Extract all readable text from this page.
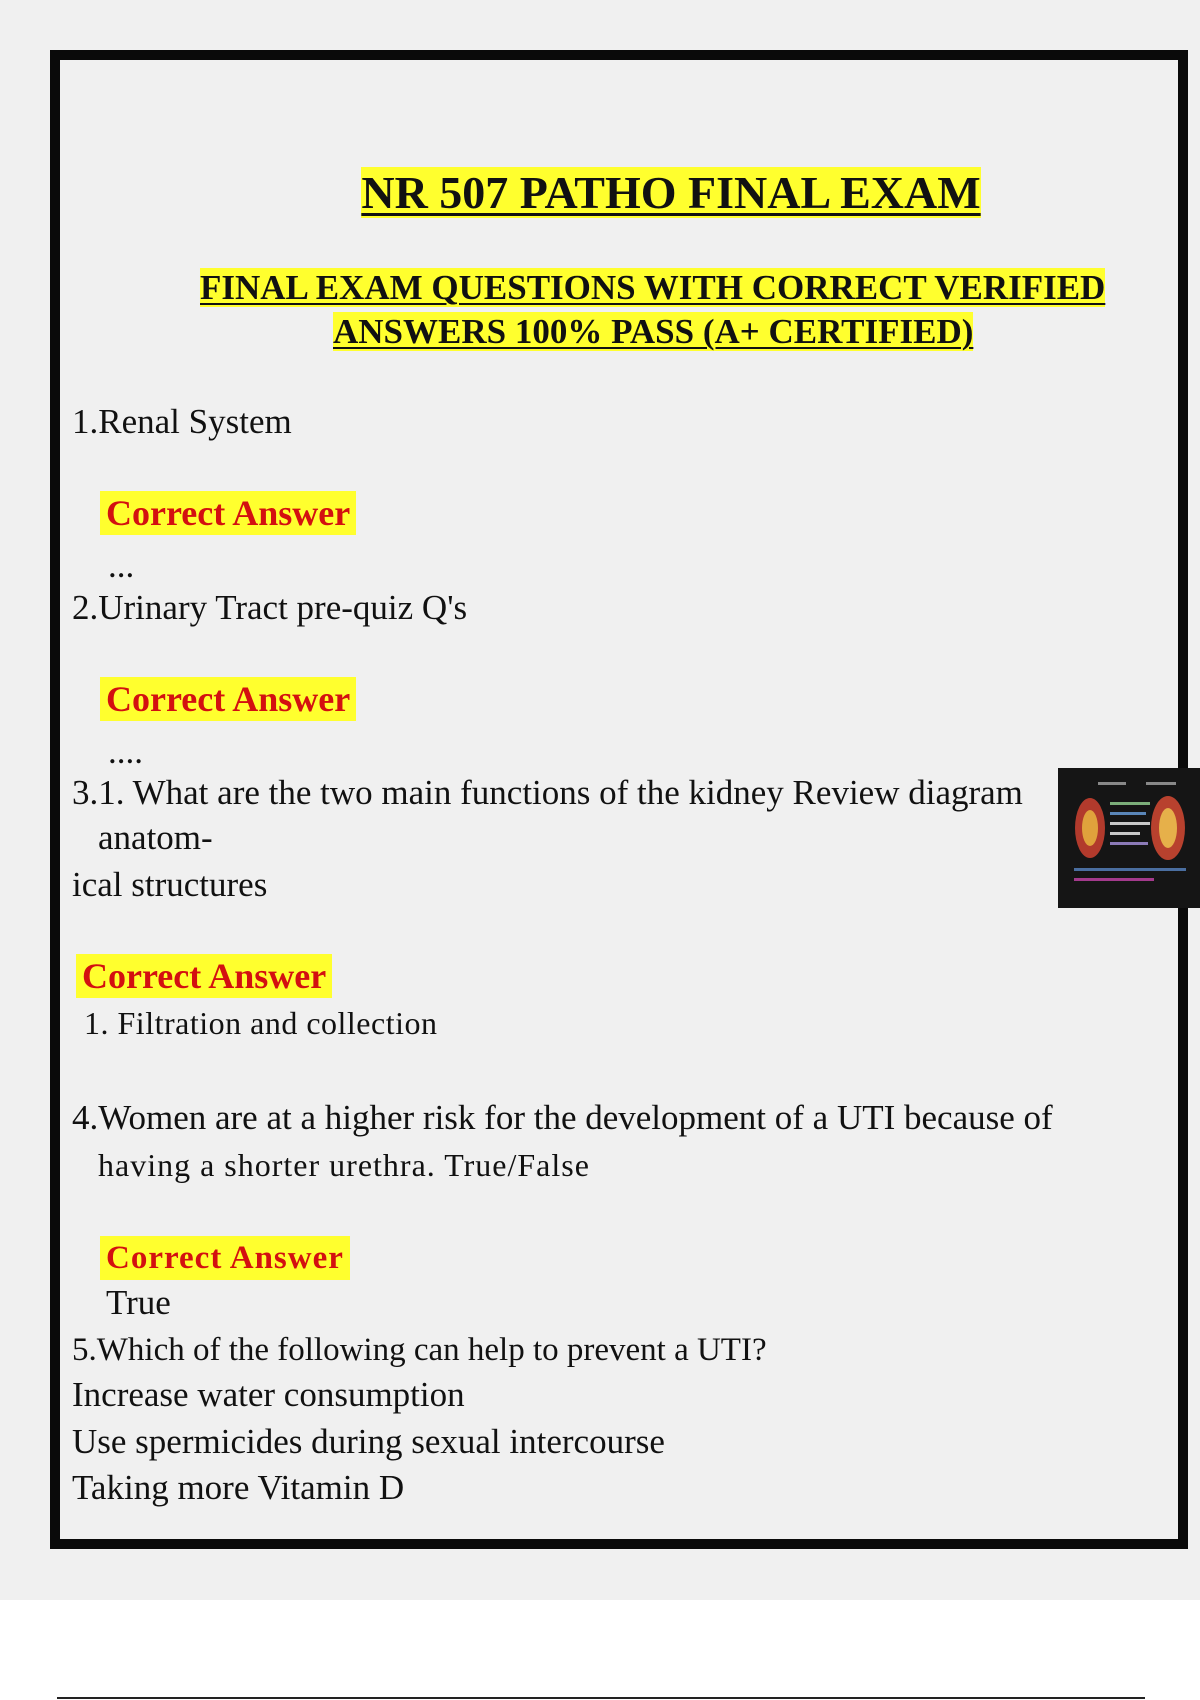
NR 507 PATHO FINAL EXAM
FINAL EXAM QUESTIONS WITH CORRECT VERIFIED
ANSWERS 100% PASS (A+ CERTIFIED)
1.Renal System
Correct Answer
...
2.Urinary Tract pre-quiz Q's
Correct Answer
....
3.1. What are the two main functions of the kidney Review diagram
anatom-
ical structures
Correct Answer
1. Filtration and collection
4.Women are at a higher risk for the development of a UTI because of
having a shorter urethra. True/False
Correct Answer
True
5.Which of the following can help to prevent a UTI?
Increase water consumption
Use spermicides during sexual intercourse
Taking more Vitamin D
